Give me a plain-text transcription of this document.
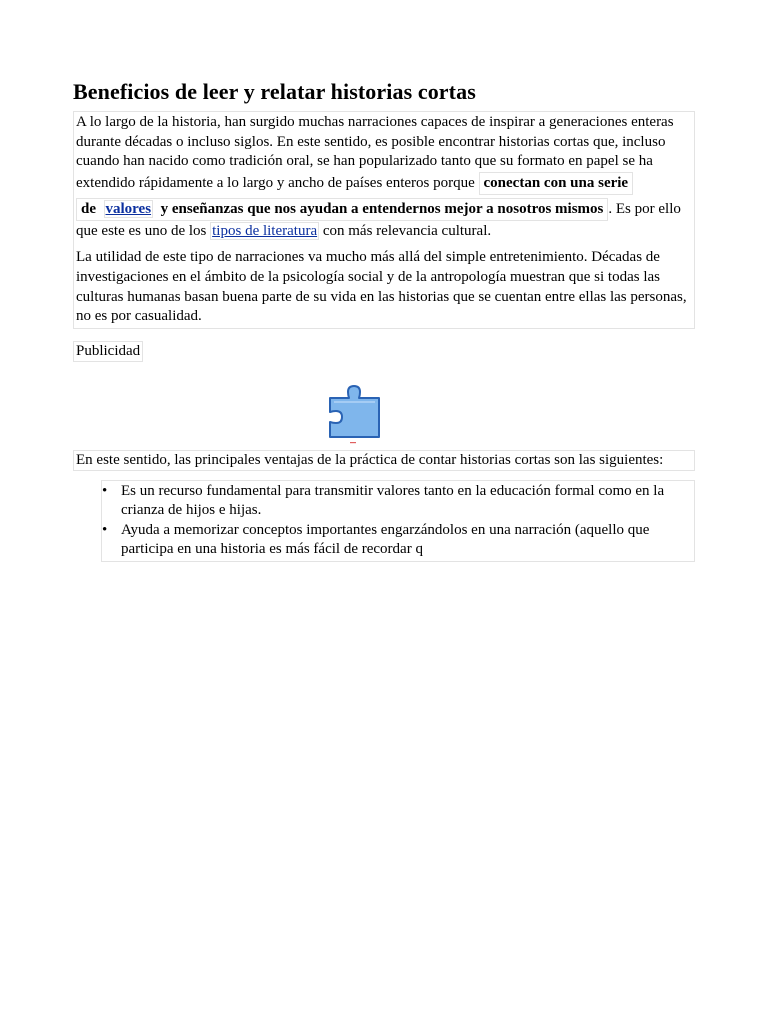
Beneficios de leer y relatar historias cortas

A lo largo de la historia, han surgido muchas narraciones capaces de inspirar a generaciones enteras durante décadas o incluso siglos. En este sentido, es posible encontrar historias cortas que, incluso cuando han nacido como tradición oral, se han popularizado tanto que su formato en papel se ha extendido rápidamente a lo largo y ancho de países enteros porque conectan con una serie de valores y enseñanzas que nos ayudan a entendernos mejor a nosotros mismos . Es por ello que este es uno de los tipos de literatura con más relevancia cultural.

La utilidad de este tipo de narraciones va mucho más allá del simple entretenimiento. Décadas de investigaciones en el ámbito de la psicología social y de la antropología muestran que si todas las culturas humanas basan buena parte de su vida en las historias que se cuentan entre ellas las personas, no es por casualidad.

Publicidad
En este sentido, las principales ventajas de la práctica de contar historias cortas son las siguientes:
• Es un recurso fundamental para transmitir valores tanto en la educación formal como en la crianza de hijos e hijas.
• Ayuda a memorizar conceptos importantes engarzándolos en una narración (aquello que participa en una historia es más fácil de recordar q
